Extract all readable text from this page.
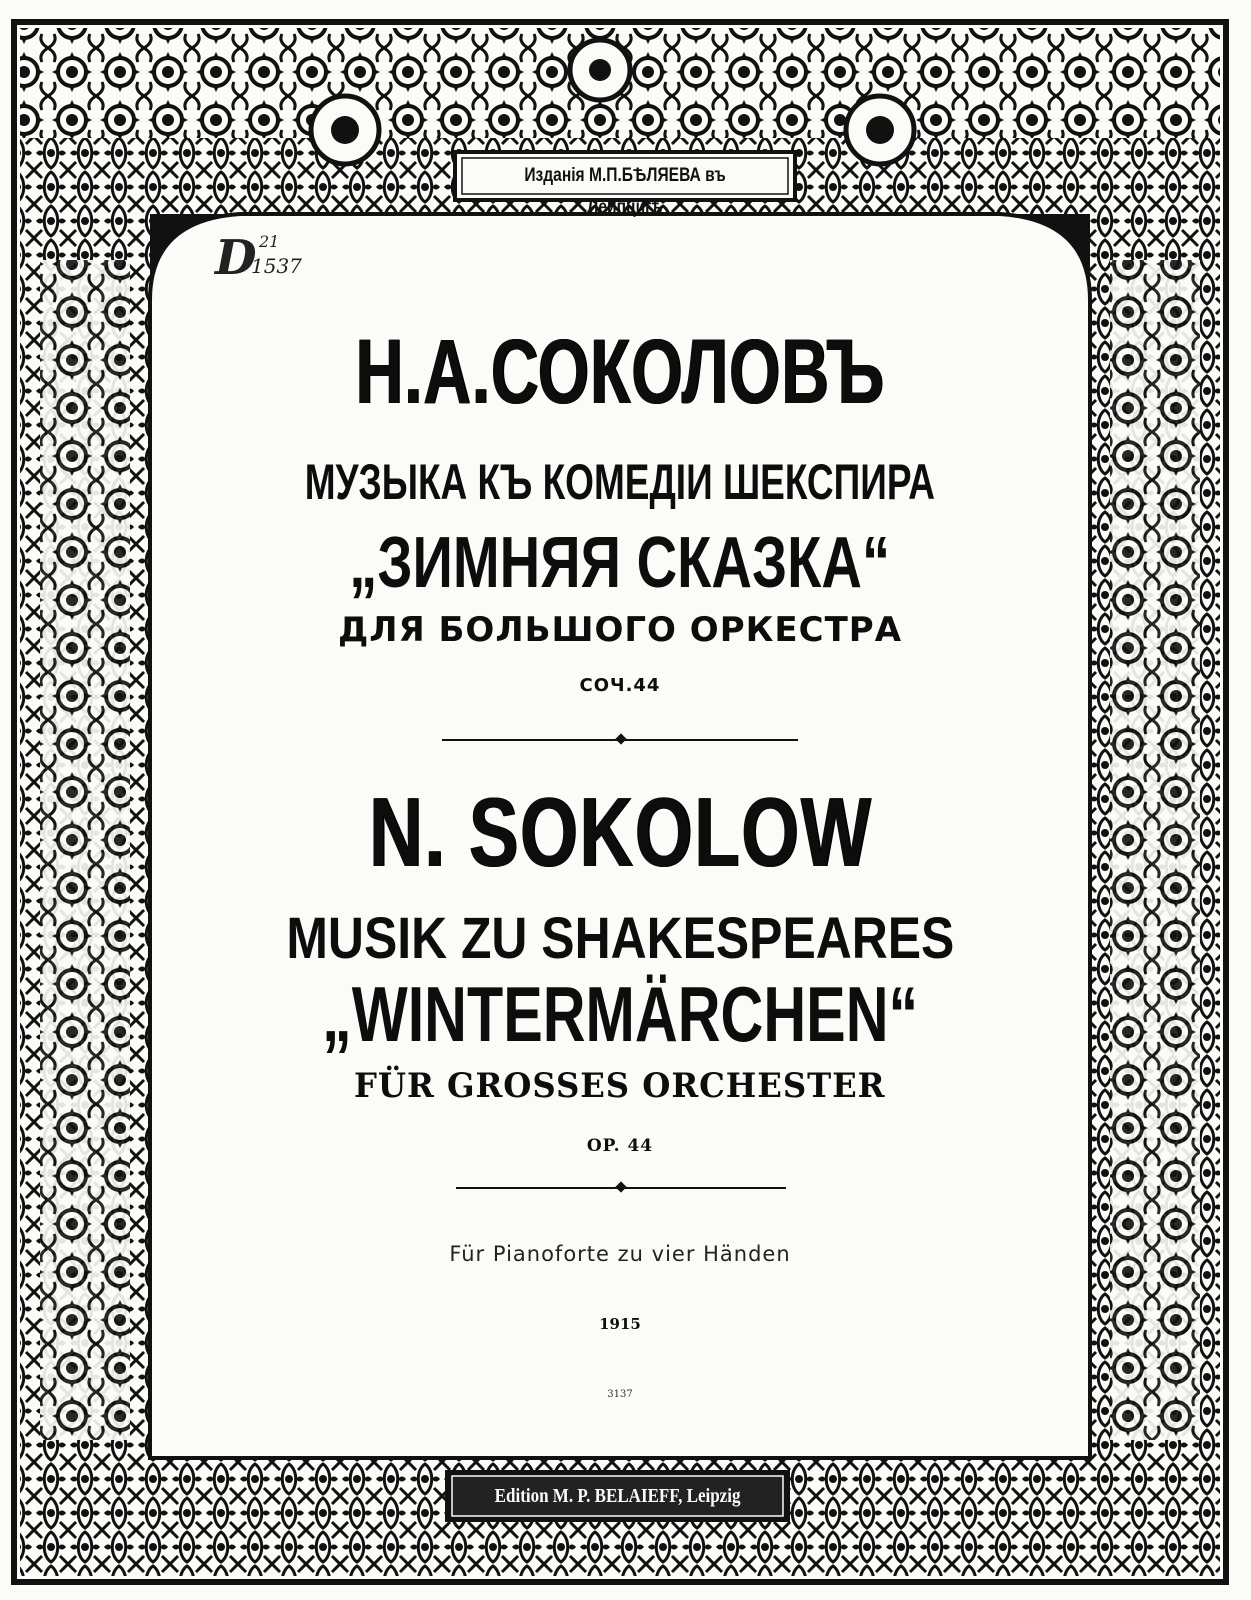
Изданія М.П.БѢЛЯЕВА въ Лейпцигѣ
D 21
1537
Н.А.СОКОЛОВЪ
МУЗЫКА КЪ КОМЕДІИ ШЕКСПИРА
„ЗИМНЯЯ СКАЗКА“
ДЛЯ БОЛЬШОГО ОРКЕСТРА
СОЧ.44
N. SOKOLOW
MUSIK ZU SHAKESPEARES
„WINTERMÄRCHEN“
FÜR GROSSES ORCHESTER
OP. 44
Für Pianoforte zu vier Händen
1915
3137
Edition M. P. BELAIEFF, Leipzig
